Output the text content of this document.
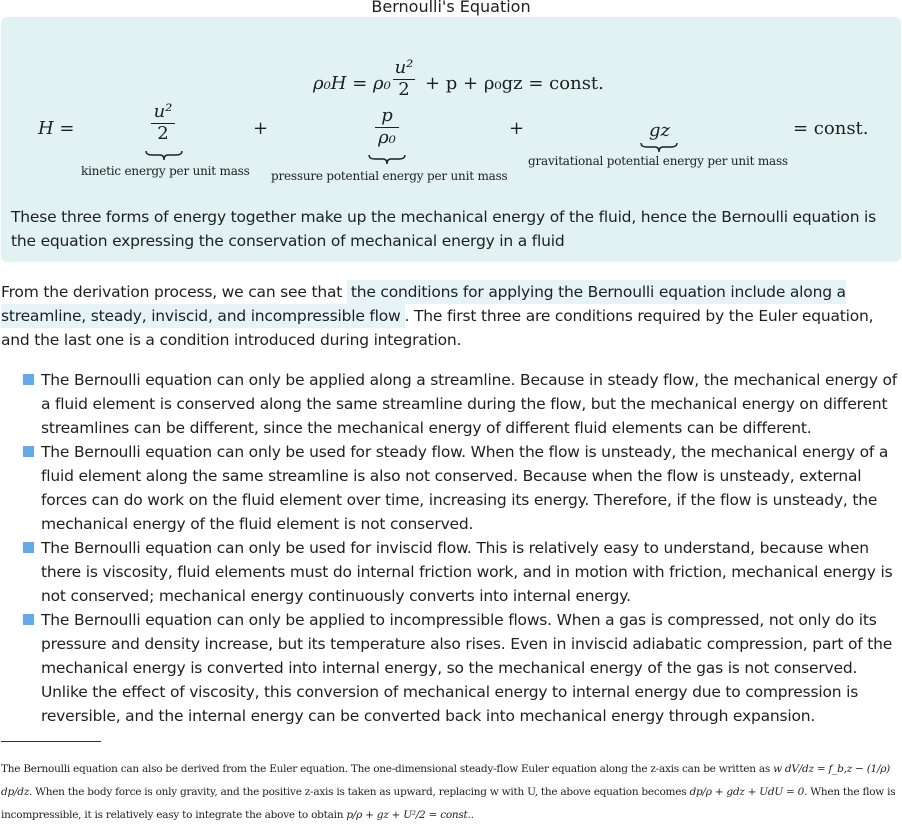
Bernoulli's Equation
ρ₀H = ρ₀
u²
2 + p + ρ₀gz = const.
H =
u²
2
kinetic energy per unit mass
+
p
ρ₀
pressure potential energy per unit mass
+	gz
gravitational potential energy per unit mass
= const.
These three forms of energy together make up the mechanical energy of the fluid, hence the Bernoulli equation is the equation expressing the conservation of mechanical energy in a fluid
From the derivation process, we can see that the conditions for applying the Bernoulli equation include along a streamline, steady, inviscid, and incompressible flow . The first three are conditions required by the Euler equation, and the last one is a condition introduced during integration.
The Bernoulli equation can only be applied along a streamline. Because in steady flow, the mechanical energy of a fluid element is conserved along the same streamline during the flow, but the mechanical energy on different streamlines can be different, since the mechanical energy of different fluid elements can be different.
The Bernoulli equation can only be used for steady flow. When the flow is unsteady, the mechanical energy of a fluid element along the same streamline is also not conserved. Because when the flow is unsteady, external forces can do work on the fluid element over time, increasing its energy. Therefore, if the flow is unsteady, the mechanical energy of the fluid element is not conserved.
The Bernoulli equation can only be used for inviscid flow. This is relatively easy to understand, because when there is viscosity, fluid elements must do internal friction work, and in motion with friction, mechanical energy is not conserved; mechanical energy continuously converts into internal energy.
The Bernoulli equation can only be applied to incompressible flows. When a gas is compressed, not only do its pressure and density increase, but its temperature also rises. Even in inviscid adiabatic compression, part of the mechanical energy is converted into internal energy, so the mechanical energy of the gas is not conserved. Unlike the effect of viscosity, this conversion of mechanical energy to internal energy due to compression is reversible, and the internal energy can be converted back into mechanical energy through expansion.
The Bernoulli equation can also be derived from the Euler equation. The one-dimensional steady-flow Euler equation along the z-axis can be written as w dV/dz = f_b,z − (1/ρ) dp/dz. When the body force is only gravity, and the positive z-axis is taken as upward, replacing w with U, the above equation becomes dp/ρ + gdz + UdU = 0. When the flow is incompressible, it is relatively easy to integrate the above to obtain p/ρ + gz + U²/2 = const..
